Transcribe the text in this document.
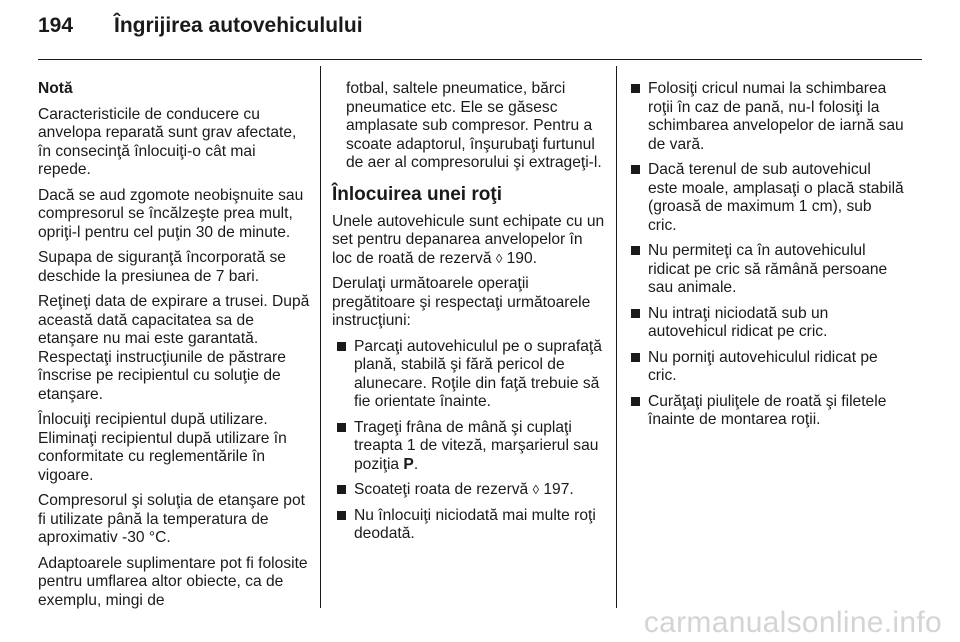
194	Îngrijirea autovehiculului

Notă

Caracteristicile de conducere cu anvelopa reparată sunt grav afectate, în consecinţă înlocuiţi-o cât mai repede.

Dacă se aud zgomote neobişnuite sau compresorul se încălzeşte prea mult, opriţi-l pentru cel puţin 30 de minute.

Supapa de siguranţă încorporată se deschide la presiunea de 7 bari.

Reţineţi data de expirare a trusei. După această dată capacitatea sa de etanşare nu mai este garantată. Respectaţi instrucţiunile de păstrare înscrise pe recipientul cu soluţie de etanşare.

Înlocuiţi recipientul după utilizare. Eliminaţi recipientul după utilizare în conformitate cu reglementările în vigoare.

Compresorul şi soluţia de etanşare pot fi utilizate până la temperatura de aproximativ -30 °C.

Adaptoarele suplimentare pot fi folosite pentru umflarea altor obiecte, ca de exemplu, mingi de

fotbal, saltele pneumatice, bărci pneumatice etc. Ele se găsesc amplasate sub compresor. Pentru a scoate adaptorul, înşurubaţi furtunul de aer al compresorului şi extrageţi-l.

Înlocuirea unei roţi

Unele autovehicule sunt echipate cu un set pentru depanarea anvelopelor în loc de roată de rezervă ◊ 190.

Derulaţi următoarele operaţii pregătitoare şi respectaţi următoarele instrucţiuni:

Parcaţi autovehiculul pe o suprafaţă plană, stabilă şi fără pericol de alunecare. Roţile din faţă trebuie să fie orientate înainte.
Trageţi frâna de mână şi cuplaţi treapta 1 de viteză, marşarierul sau poziţia P.
Scoateţi roata de rezervă ◊ 197.
Nu înlocuiţi niciodată mai multe roţi deodată.
Folosiţi cricul numai la schimbarea roţii în caz de pană, nu-l folosiţi la schimbarea anvelopelor de iarnă sau de vară.
Dacă terenul de sub autovehicul este moale, amplasaţi o placă stabilă (groasă de maximum 1 cm), sub cric.
Nu permiteţi ca în autovehiculul ridicat pe cric să rămână persoane sau animale.
Nu intraţi niciodată sub un autovehicul ridicat pe cric.
Nu porniţi autovehiculul ridicat pe cric.
Curăţaţi piuliţele de roată şi filetele înainte de montarea roţii.
carmanualsonline.info
